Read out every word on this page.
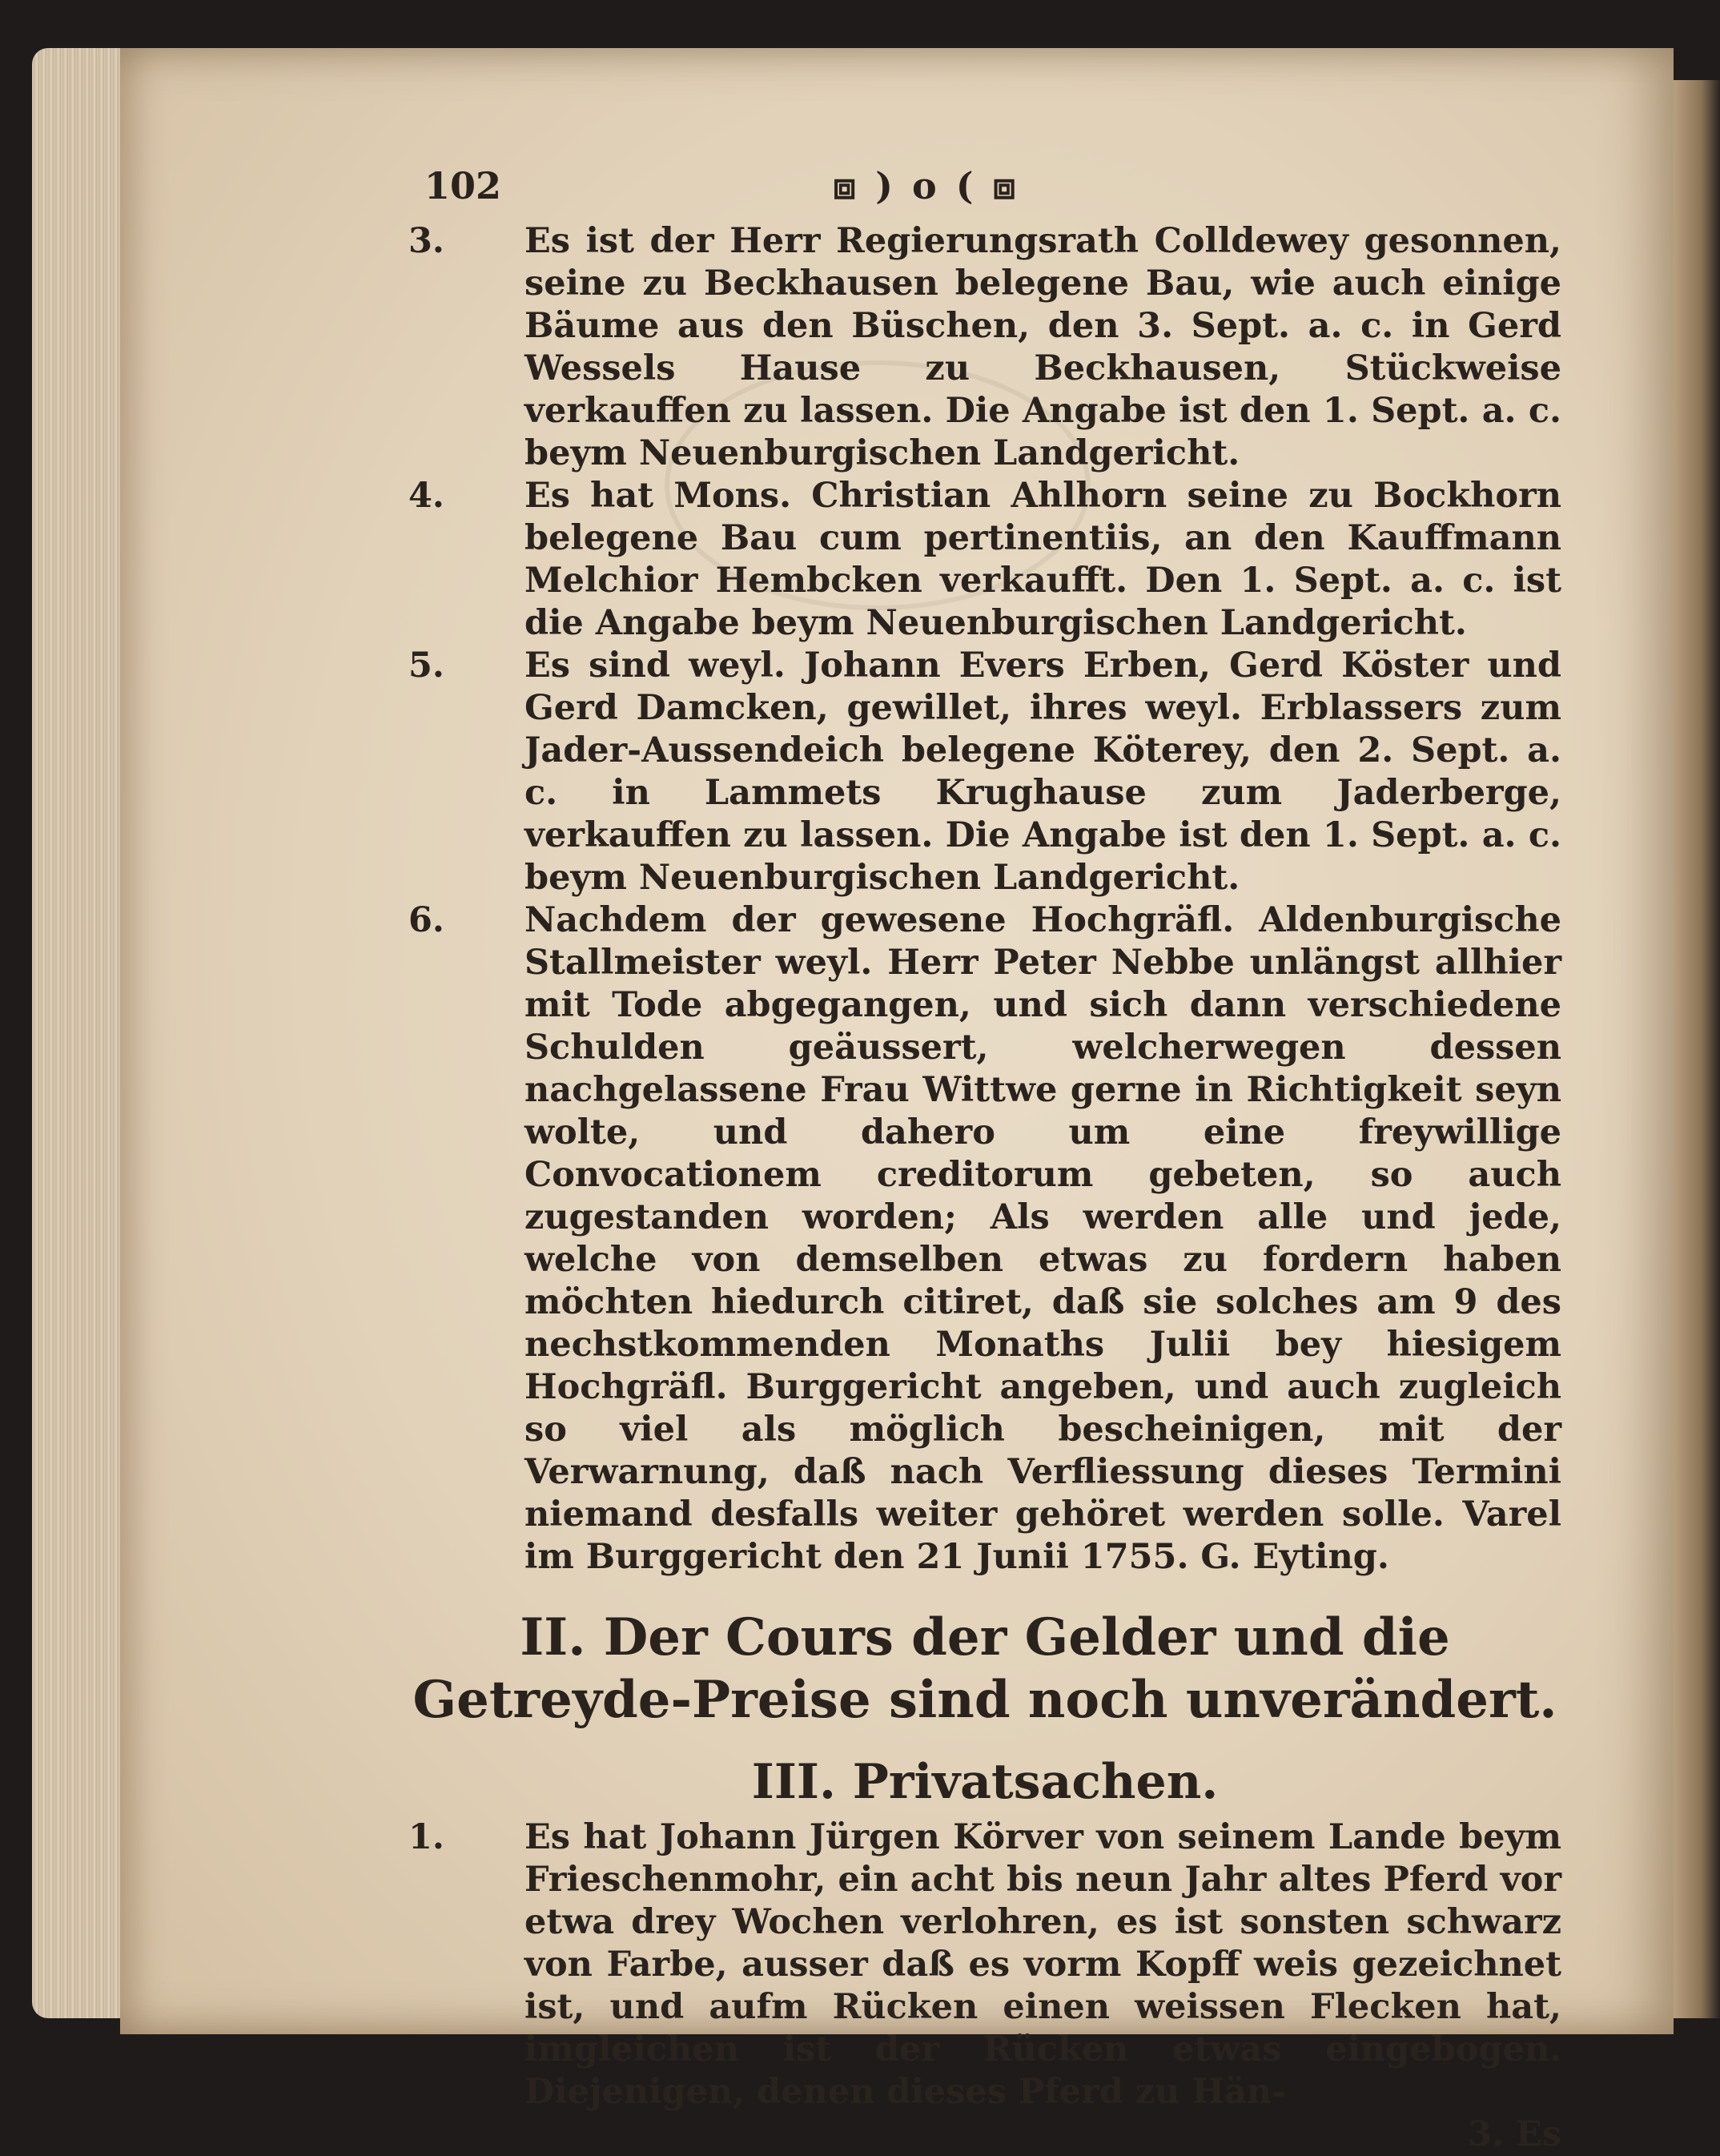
102	⧈ ) o ( ⧈

3.	Es ist der Herr Regierungsrath Colldewey gesonnen, seine zu Beckhausen belegene Bau, wie auch einige Bäume aus den Büschen, den 3. Sept. a. c. in Gerd Wessels Hause zu Beckhausen, Stückweise verkauffen zu lassen. Die Angabe ist den 1. Sept. a. c. beym Neuenburgischen Landgericht.

4.	Es hat Mons. Christian Ahlhorn seine zu Bockhorn belegene Bau cum pertinentiis, an den Kauffmann Melchior Hembcken verkaufft. Den 1. Sept. a. c. ist die Angabe beym Neuenburgischen Landgericht.

5.	Es sind weyl. Johann Evers Erben, Gerd Köster und Gerd Damcken, gewillet, ihres weyl. Erblassers zum Jader-Aussendeich belegene Köterey, den 2. Sept. a. c. in Lammets Krughause zum Jaderberge, verkauffen zu lassen. Die Angabe ist den 1. Sept. a. c. beym Neuenburgischen Landgericht.

6.	Nachdem der gewesene Hochgräfl. Aldenburgische Stallmeister weyl. Herr Peter Nebbe unlängst allhier mit Tode abgegangen, und sich dann verschiedene Schulden geäussert, welcherwegen dessen nachgelassene Frau Wittwe gerne in Richtigkeit seyn wolte, und dahero um eine freywillige Convocationem creditorum gebeten, so auch zugestanden worden; Als werden alle und jede, welche von demselben etwas zu fordern haben möchten hiedurch citiret, daß sie solches am 9 des nechstkommenden Monaths Julii bey hiesigem Hochgräfl. Burggericht angeben, und auch zugleich so viel als möglich bescheinigen, mit der Verwarnung, daß nach Verfliessung dieses Termini niemand desfalls weiter gehöret werden solle. Varel im Burggericht den 21 Junii 1755. G. Eyting.

II. Der Cours der Gelder und die Getreyde-Preise sind noch unverändert.
III. Privatsachen.

1.	Es hat Johann Jürgen Körver von seinem Lande beym Frieschenmohr, ein acht bis neun Jahr altes Pferd vor etwa drey Wochen verlohren, es ist sonsten schwarz von Farbe, ausser daß es vorm Kopff weis gezeichnet ist, und aufm Rücken einen weissen Flecken hat, imgleichen ist der Rücken etwas eingebogen. Diejenigen, denen dieses Pferd zu Hän-

3. Es
